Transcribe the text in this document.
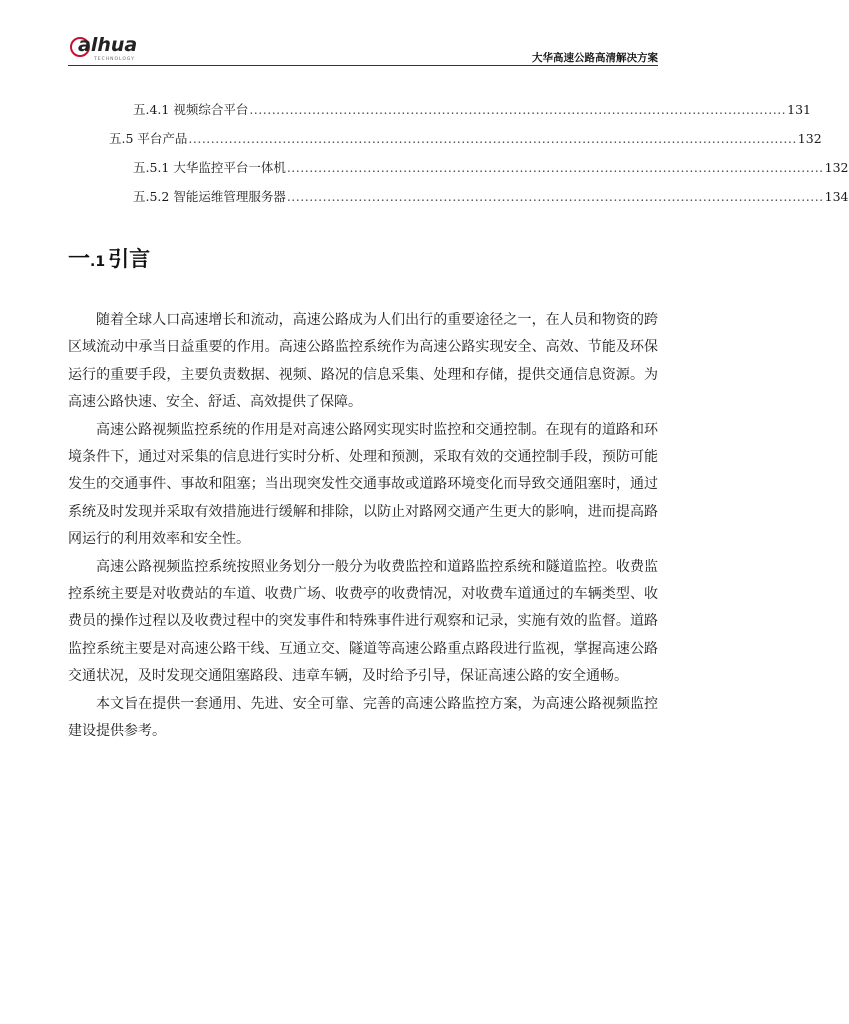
alhua
TECHNOLOGY	大华高速公路高清解决方案
五.4.1 视频综合平台 ........................................................................................................................ 131
五.5 平台产品 ........................................................................................................................................ 132
五.5.1 大华监控平台一体机 ........................................................................................................................ 132
五.5.2 智能运维管理服务器 ........................................................................................................................ 134
一.1 引言

随着全球人口高速增长和流动，高速公路成为人们出行的重要途径之一，在人员和物资的跨区域流动中承当日益重要的作用。高速公路监控系统作为高速公路实现安全、高效、节能及环保运行的重要手段，主要负责数据、视频、路况的信息采集、处理和存储，提供交通信息资源。为高速公路快速、安全、舒适、高效提供了保障。

高速公路视频监控系统的作用是对高速公路网实现实时监控和交通控制。在现有的道路和环境条件下，通过对采集的信息进行实时分析、处理和预测，采取有效的交通控制手段，预防可能发生的交通事件、事故和阻塞；当出现突发性交通事故或道路环境变化而导致交通阻塞时，通过系统及时发现并采取有效措施进行缓解和排除，以防止对路网交通产生更大的影响，进而提高路网运行的利用效率和安全性。

高速公路视频监控系统按照业务划分一般分为收费监控和道路监控系统和隧道监控。收费监控系统主要是对收费站的车道、收费广场、收费亭的收费情况，对收费车道通过的车辆类型、收费员的操作过程以及收费过程中的突发事件和特殊事件进行观察和记录，实施有效的监督。道路监控系统主要是对高速公路干线、互通立交、隧道等高速公路重点路段进行监视，掌握高速公路交通状况，及时发现交通阻塞路段、违章车辆，及时给予引导，保证高速公路的安全通畅。

本文旨在提供一套通用、先进、安全可靠、完善的高速公路监控方案，为高速公路视频监控建设提供参考。
